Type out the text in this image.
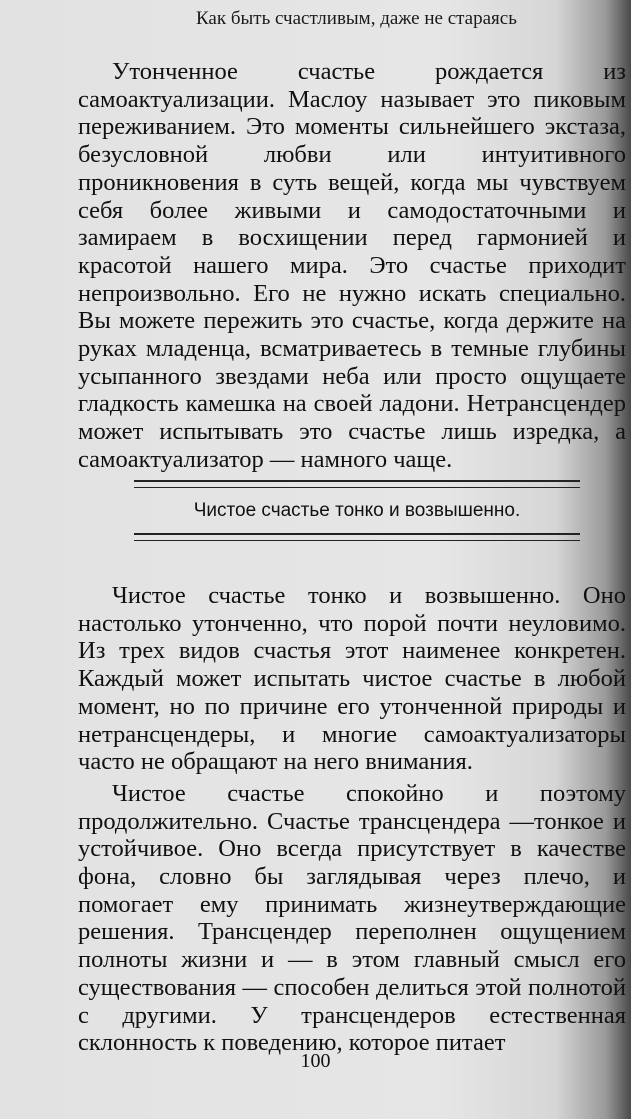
Как быть счастливым, даже не стараясь

Утонченное счастье рождается из самоактуализации. Маслоу называет это пиковым переживанием. Это моменты сильнейшего экстаза, безусловной любви или интуитивного проникновения в суть вещей, когда мы чувствуем себя более живыми и самодостаточными и замираем в восхищении перед гармонией и красотой нашего мира. Это счастье приходит непроизвольно. Его не нужно искать специально. Вы можете пережить это счастье, когда держите на руках младенца, всматриваетесь в темные глубины усыпанного звездами неба или просто ощущаете гладкость камешка на своей ладони. Нетрансцендер может испытывать это счастье лишь изредка, а самоактуализатор — намного чаще.

Чистое счастье тонко и возвышенно.

Чистое счастье тонко и возвышенно. Оно настолько утонченно, что порой почти неуловимо. Из трех видов счастья этот наименее конкретен. Каждый может испытать чистое счастье в любой момент, но по причине его утонченной природы и нетрансцендеры, и многие самоактуализаторы часто не обращают на него внимания.

Чистое счастье спокойно и поэтому продолжительно. Счастье трансцендера —тонкое и устойчивое. Оно всегда присутствует в качестве фона, словно бы заглядывая через плечо, и помогает ему принимать жизнеутверждающие решения. Трансцендер переполнен ощущением полноты жизни и — в этом главный смысл его существования — способен делиться этой полнотой с другими. У трансцендеров естественная склонность к поведению, которое питает

100
